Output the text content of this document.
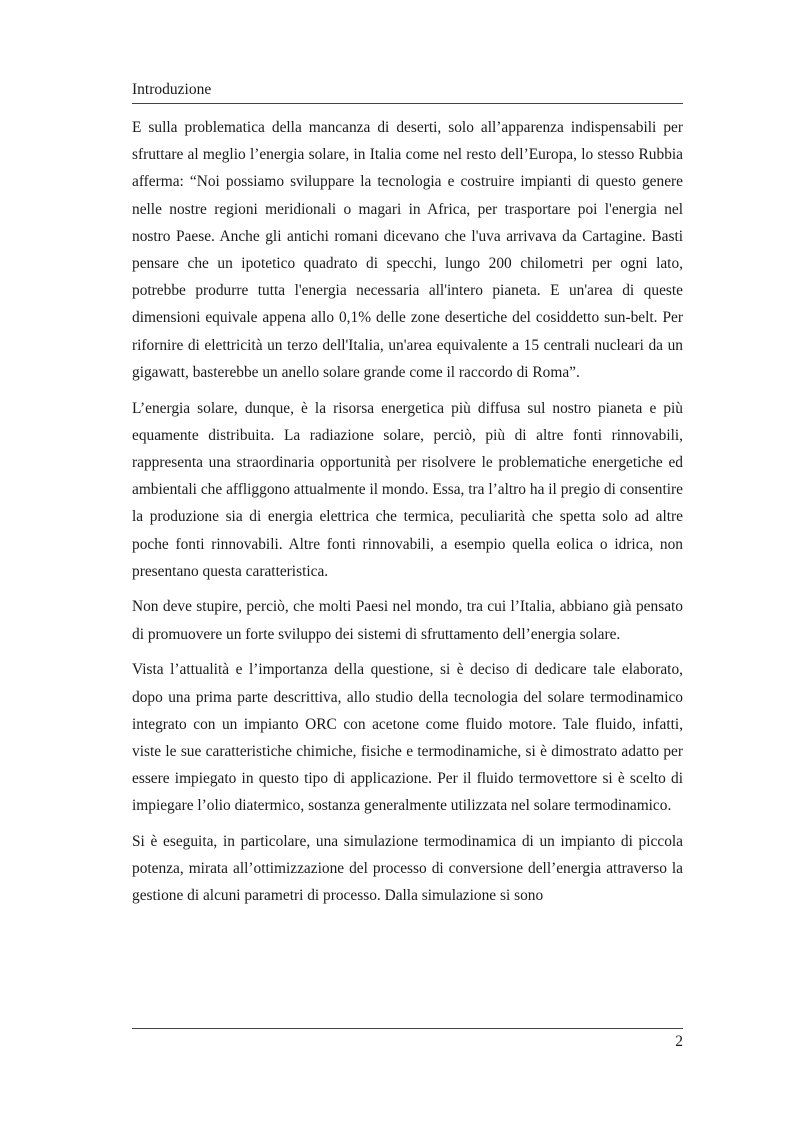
Introduzione

E sulla problematica della mancanza di deserti, solo all’apparenza indispensabili per sfruttare al meglio l’energia solare, in Italia come nel resto dell’Europa, lo stesso Rubbia afferma: “Noi possiamo sviluppare la tecnologia e costruire impianti di questo genere nelle nostre regioni meridionali o magari in Africa, per trasportare poi l'energia nel nostro Paese. Anche gli antichi romani dicevano che l'uva arrivava da Cartagine. Basti pensare che un ipotetico quadrato di specchi, lungo 200 chilometri per ogni lato, potrebbe produrre tutta l'energia necessaria all'intero pianeta. E un'area di queste dimensioni equivale appena allo 0,1% delle zone desertiche del cosiddetto sun-belt. Per rifornire di elettricità un terzo dell'Italia, un'area equivalente a 15 centrali nucleari da un gigawatt, basterebbe un anello solare grande come il raccordo di Roma”.

L’energia solare, dunque, è la risorsa energetica più diffusa sul nostro pianeta e più equamente distribuita. La radiazione solare, perciò, più di altre fonti rinnovabili, rappresenta una straordinaria opportunità per risolvere le problematiche energetiche ed ambientali che affliggono attualmente il mondo. Essa, tra l’altro ha il pregio di consentire la produzione sia di energia elettrica che termica, peculiarità che spetta solo ad altre poche fonti rinnovabili. Altre fonti rinnovabili, a esempio quella eolica o idrica, non presentano questa caratteristica.

Non deve stupire, perciò, che molti Paesi nel mondo, tra cui l’Italia, abbiano già pensato di promuovere un forte sviluppo dei sistemi di sfruttamento dell’energia solare.

Vista l’attualità e l’importanza della questione, si è deciso di dedicare tale elaborato, dopo una prima parte descrittiva, allo studio della tecnologia del solare termodinamico integrato con un impianto ORC con acetone come fluido motore. Tale fluido, infatti, viste le sue caratteristiche chimiche, fisiche e termodinamiche, si è dimostrato adatto per essere impiegato in questo tipo di applicazione. Per il fluido termovettore si è scelto di impiegare l’olio diatermico, sostanza generalmente utilizzata nel solare termodinamico.

Si è eseguita, in particolare, una simulazione termodinamica di un impianto di piccola potenza, mirata all’ottimizzazione del processo di conversione dell’energia attraverso la gestione di alcuni parametri di processo. Dalla simulazione si sono

2
